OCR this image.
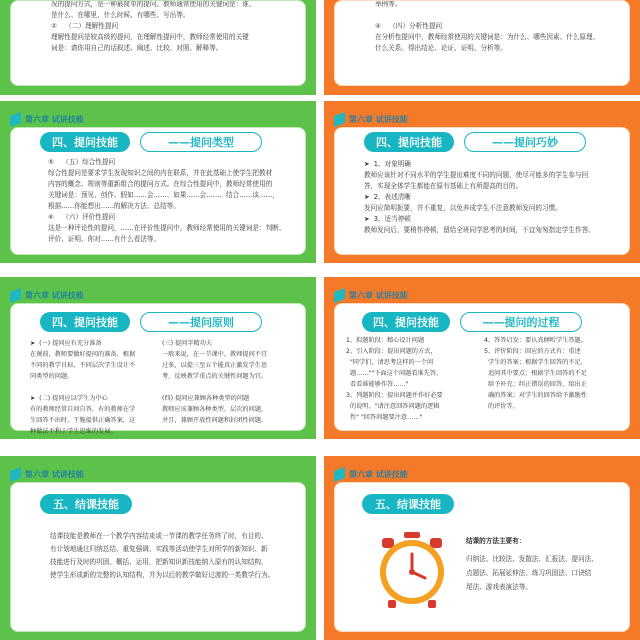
况的提问方式，是一种最简单的提问。教师通常使用的关键词是：谁、
是什么、在哪里、什么时候、有哪些、写出等。
②    （二）理解性提问
理解性提问是较高级的提问，在理解性提问中，教师经常使用的关键
词是：请你用自己的话叙述、阐述、比较、对照、解释等。
举例等。

④    （四）分析性提问
在分析性提问中，教师经常使用的关键词是：为什么、哪些因素、什么原理、
什么关系、得出结论、论证、证明、分析等。
第六章 试讲技能
四、提问技能	——提问类型
⑤    （五）综合性提问
综合性提问是要求学生发现知识之间的内在联系，并在此基础上使学生把教材
内容的概念、规则等重新组合的提问方式。在综合性提问中，教师经常使用的
关键词是：预见、创作、假如……会……、如果……会……、结合……谈……，
根据……你能想出……的解决方法、总结等。
⑥    （六）评价性提问
这是一种评论性的提问，……在评价性提问中，教师经常使用的关键词是：判断、
评价、证明、你对……有什么看法等。
第六章 试讲技能
四、提问技能	——提问巧妙
➤  1、对象明确
教师应该针对不同水平的学生提出难度不同的问题，使尽可能多的学生参与回
答，实现全体学生都能在原有基础上有所提高的目的。
➤  2、表述清晰
发问应简明扼要，并不重复，以免养成学生不注意教师发问的习惯。
➤  3、适当停顿
教师发问后，要稍作停顿，留给全班同学思考的时间，不宜匆匆指定学生作答。
第六章 试讲技能
四、提问技能	——提问原则
➤  (一) 提问应有充分准备
在课前，教师要做好提问的准备，根据
不同的教学目标，不同层次学生设计不
同类型的问题。

➤  (二) 提问应以学生为中心
有的教师经常自问自答，有的教师在学
生回答不出时，干脆提供正确答案，这
种做法不利于学生思维的发展。
(三) 提问字精功夫
一般来说，在一节课中，教师提问不宜
过多，以提三至五个能真正激发学生思
考，反映教学重点的关键性问题为宜。

(四) 提问应兼顾各种类型的问题
教师应该兼顾各种类型、层次的问题，
并且，兼顾开放性问题和封闭性问题。
第六章 试讲技能
四、提问技能	——提问的过程
1、拟题阶段：精心设计问题
2、引入阶段：提出问题的方式，
"同学们，请思考这样的一个问
题……""下面这个问题看谁先答，
看看谁能够作答……"
3、列题阶段：提出问题并作好必要
的说明。"请注意回答问题的逻辑
性" "回答问题要注意……"
4、答答启发：要认真倾听学生答题。
5、评价阶段：回应的方式有：重述
学生的答案；根据学生回答的不足，
追问其中要点；根据学生回答的不足
给予补充；纠正错误的回答，给出正
确的答案；对学生的回答给予激励性
的评价等。
第六章 试讲技能
五、结课技能
结课技能是教师在一个教学内容结束或一节课的教学任务终了时，有目的、
有计划地通过归纳总结、重复强调、实践等活动使学生对所学的新知识、新
技能进行及时的巩固、概括、运用，把新知识新技能纳入原有的认知结构，
使学生形成新的完整的认知结构，并为以后的教学做好过渡的一类教学行为。
第六章 试讲技能
五、结课技能
结课的方法主要有：
归纳法、比较法、发散法、汇报法、提问法、
点题法、拓展延伸法、练习巩固法、口诀结
尾法、游戏表演法等。
